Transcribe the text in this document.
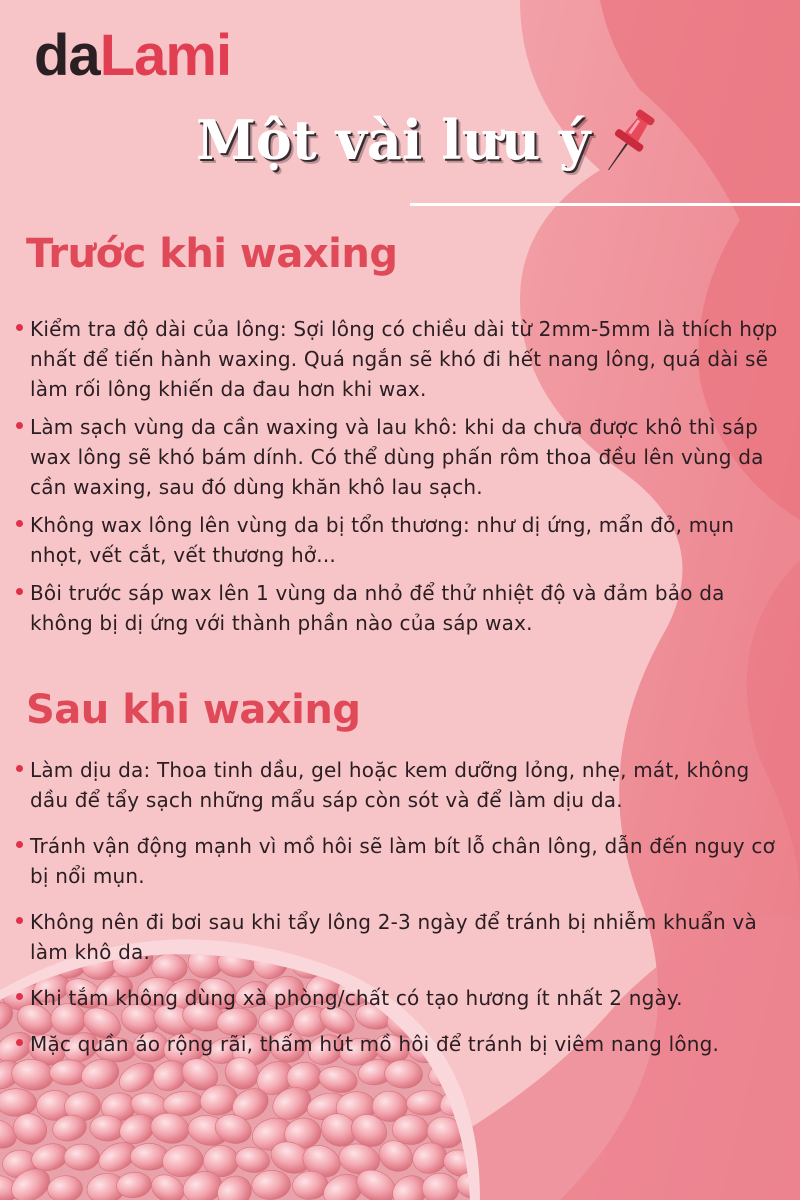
daLami
Một vài lưu ý
Trước khi waxing

Kiểm tra độ dài của lông: Sợi lông có chiều dài từ 2mm-5mm là thích hợp nhất để tiến hành waxing. Quá ngắn sẽ khó đi hết nang lông, quá dài sẽ làm rối lông khiến da đau hơn khi wax.

Làm sạch vùng da cần waxing và lau khô: khi da chưa được khô thì sáp wax lông sẽ khó bám dính. Có thể dùng phấn rôm thoa đều lên vùng da cần waxing, sau đó dùng khăn khô lau sạch.

Không wax lông lên vùng da bị tổn thương: như dị ứng, mẩn đỏ, mụn nhọt, vết cắt, vết thương hở...

Bôi trước sáp wax lên 1 vùng da nhỏ để thử nhiệt độ và đảm bảo da không bị dị ứng với thành phần nào của sáp wax.

Sau khi waxing

Làm dịu da: Thoa tinh dầu, gel hoặc kem dưỡng lỏng, nhẹ, mát, không dầu để tẩy sạch những mẩu sáp còn sót và để làm dịu da.

Tránh vận động mạnh vì mồ hôi sẽ làm bít lỗ chân lông, dẫn đến nguy cơ bị nổi mụn.

Không nên đi bơi sau khi tẩy lông 2-3 ngày để tránh bị nhiễm khuẩn và làm khô da.

Khi tắm không dùng xà phòng/chất có tạo hương ít nhất 2 ngày.

Mặc quần áo rộng rãi, thấm hút mồ hôi để tránh bị viêm nang lông.
